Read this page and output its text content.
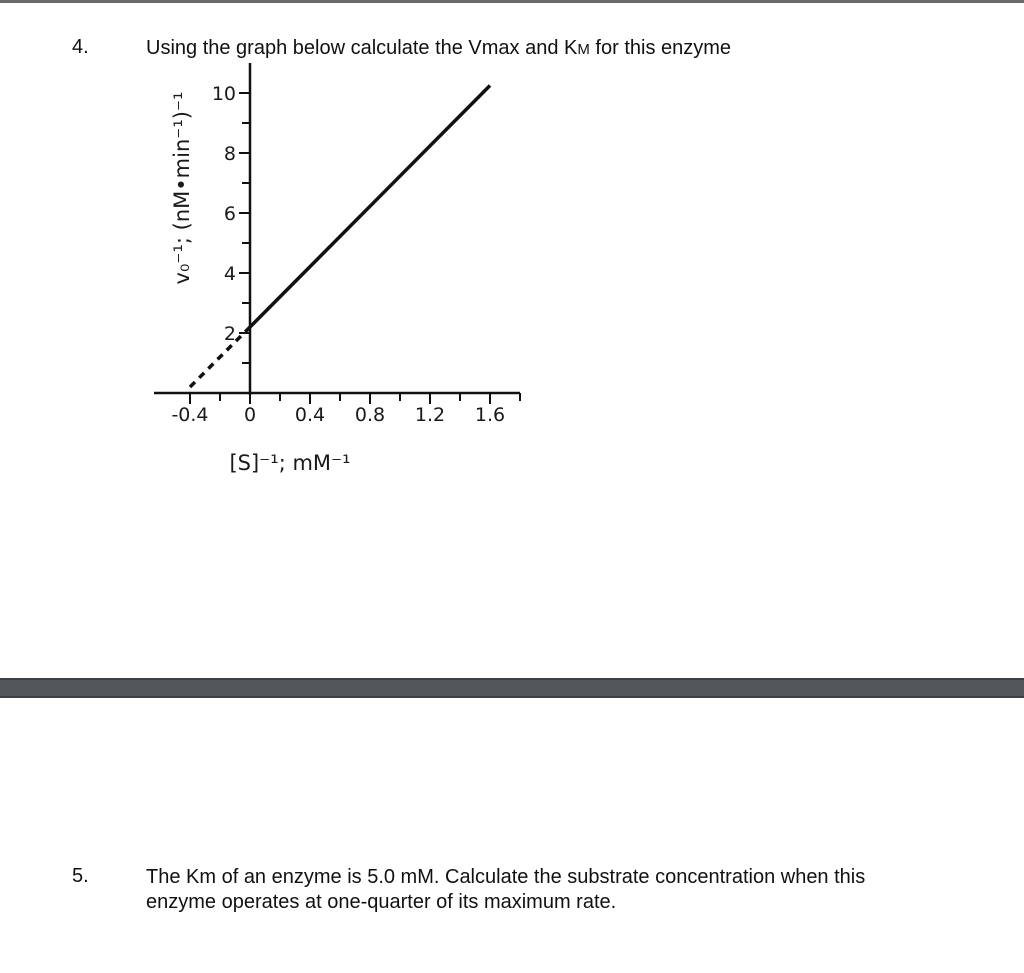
4.	Using the graph below calculate the Vmax and KM for this enzyme
-0.4 0 0.4 0.8 1.2 1.6
2
4
6
8
10
v₀⁻¹; (nM•min⁻¹)⁻¹
[S]⁻¹; mM⁻¹
5.	The Km of an enzyme is 5.0 mM. Calculate the substrate concentration when this
enzyme operates at one-quarter of its maximum rate.
